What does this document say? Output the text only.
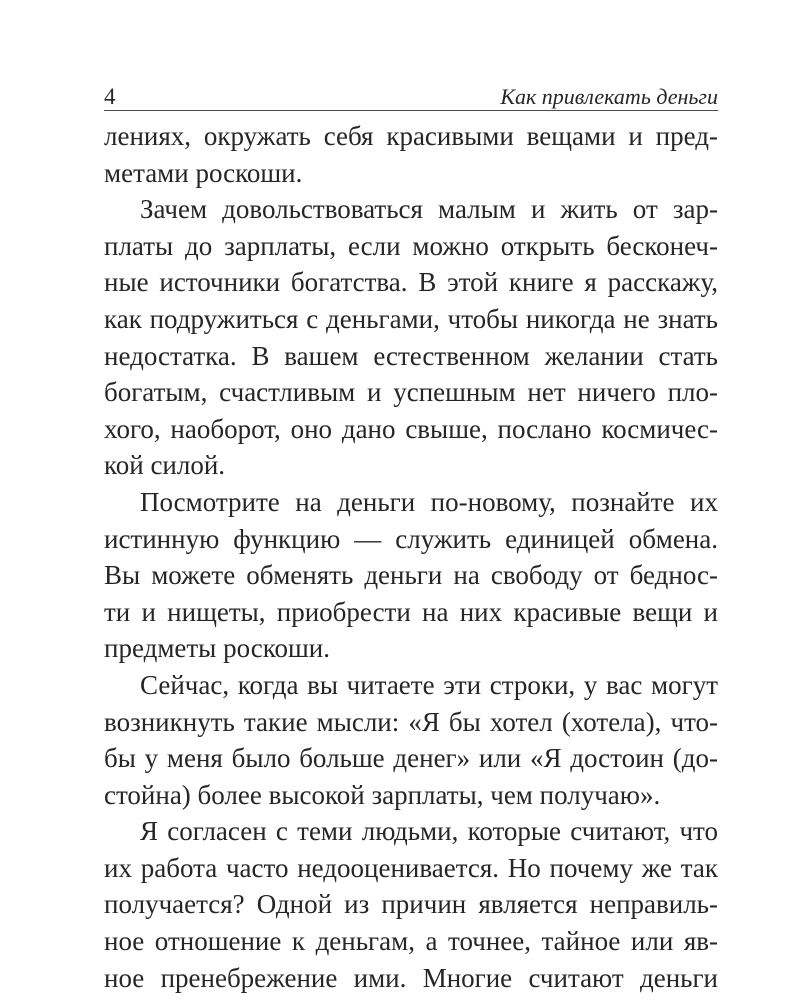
4	Как привлекать деньги
лениях, окружать себя красивыми вещами и пред-
метами роскоши.
Зачем довольствоваться малым и жить от зар-
платы до зарплаты, если можно открыть бесконеч-
ные источники богатства. В этой книге я расскажу,
как подружиться с деньгами, чтобы никогда не знать
недостатка. В вашем естественном желании стать
богатым, счастливым и успешным нет ничего пло-
хого, наоборот, оно дано свыше, послано космичес-
кой силой.
Посмотрите на деньги по-новому, познайте их
истинную функцию — служить единицей обмена.
Вы можете обменять деньги на свободу от беднос-
ти и нищеты, приобрести на них красивые вещи и
предметы роскоши.
Сейчас, когда вы читаете эти строки, у вас могут
возникнуть такие мысли: «Я бы хотел (хотела), что-
бы у меня было больше денег» или «Я достоин (до-
стойна) более высокой зарплаты, чем получаю».
Я согласен с теми людьми, которые считают, что
их работа часто недооценивается. Но почему же так
получается? Одной из причин является неправиль-
ное отношение к деньгам, а точнее, тайное или яв-
ное пренебрежение ими. Многие считают деньги
